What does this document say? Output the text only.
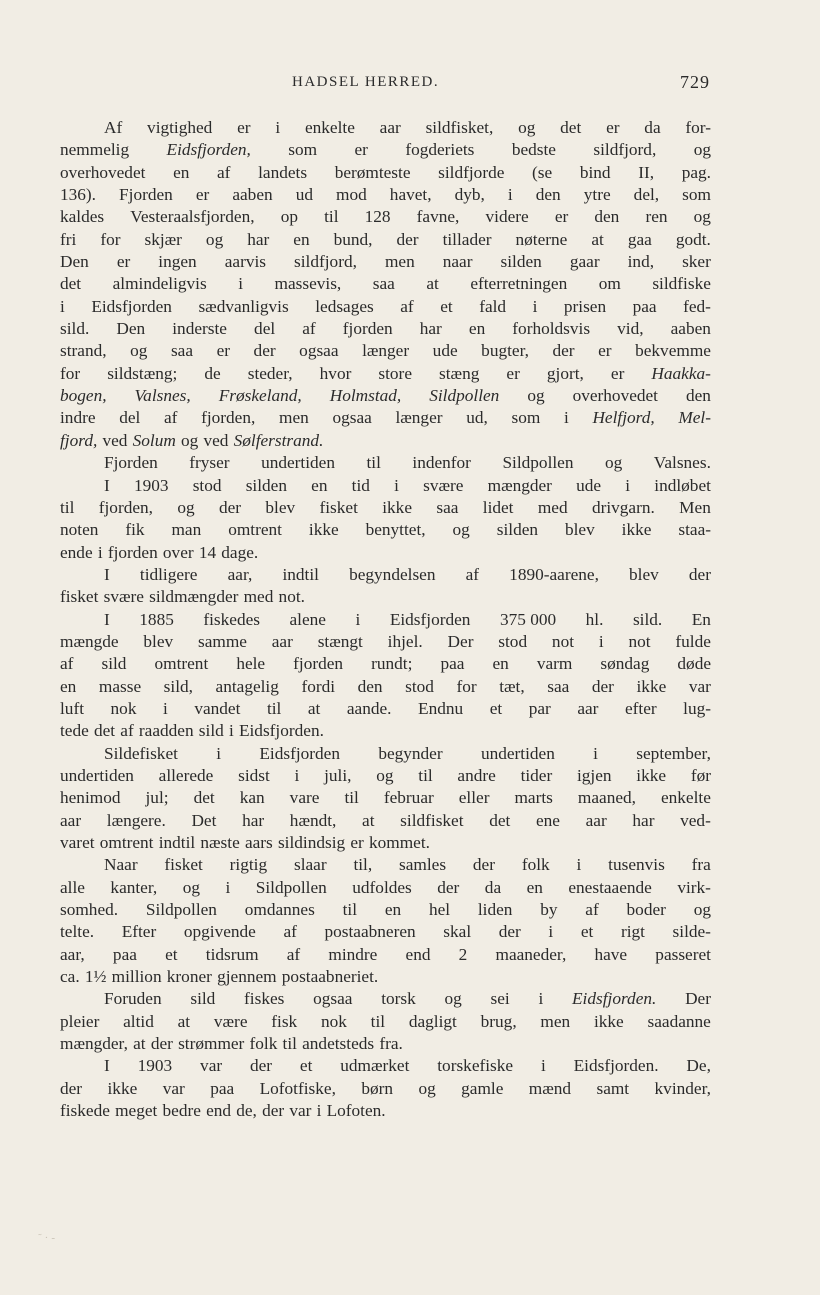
HADSEL HERRED.	729
Af vigtighed er i enkelte aar sildfisket, og det er da for-
nemmelig Eidsfjorden, som er fogderiets bedste sildfjord, og
overhovedet en af landets berømteste sildfjorde (se bind II, pag.
136). Fjorden er aaben ud mod havet, dyb, i den ytre del, som
kaldes Vesteraalsfjorden, op til 128 favne, videre er den ren og
fri for skjær og har en bund, der tillader nøterne at gaa godt.
Den er ingen aarvis sildfjord, men naar silden gaar ind, sker
det almindeligvis i massevis, saa at efterretningen om sildfiske
i Eidsfjorden sædvanligvis ledsages af et fald i prisen paa fed-
sild. Den inderste del af fjorden har en forholdsvis vid, aaben
strand, og saa er der ogsaa længer ude bugter, der er bekvemme
for sildstæng; de steder, hvor store stæng er gjort, er Haakka-
bogen, Valsnes, Frøskeland, Holmstad, Sildpollen og overhovedet den
indre del af fjorden, men ogsaa længer ud, som i Helfjord, Mel-
fjord, ved Solum og ved Sølferstrand.
Fjorden fryser undertiden til indenfor Sildpollen og Valsnes.
I 1903 stod silden en tid i svære mængder ude i indløbet
til fjorden, og der blev fisket ikke saa lidet med drivgarn. Men
noten fik man omtrent ikke benyttet, og silden blev ikke staa-
ende i fjorden over 14 dage.
I tidligere aar, indtil begyndelsen af 1890-aarene, blev der
fisket svære sildmængder med not.
I 1885 fiskedes alene i Eidsfjorden 375 000 hl. sild. En
mængde blev samme aar stængt ihjel. Der stod not i not fulde
af sild omtrent hele fjorden rundt; paa en varm søndag døde
en masse sild, antagelig fordi den stod for tæt, saa der ikke var
luft nok i vandet til at aande. Endnu et par aar efter lug-
tede det af raadden sild i Eidsfjorden.
Sildefisket i Eidsfjorden begynder undertiden i september,
undertiden allerede sidst i juli, og til andre tider igjen ikke før
henimod jul; det kan vare til februar eller marts maaned, enkelte
aar længere. Det har hændt, at sildfisket det ene aar har ved-
varet omtrent indtil næste aars sildindsig er kommet.
Naar fisket rigtig slaar til, samles der folk i tusenvis fra
alle kanter, og i Sildpollen udfoldes der da en enestaaende virk-
somhed. Sildpollen omdannes til en hel liden by af boder og
telte. Efter opgivende af postaabneren skal der i et rigt silde-
aar, paa et tidsrum af mindre end 2 maaneder, have passeret
ca. 1½ million kroner gjennem postaabneriet.
Foruden sild fiskes ogsaa torsk og sei i Eidsfjorden. Der
pleier altid at være fisk nok til dagligt brug, men ikke saadanne
mængder, at der strømmer folk til andetsteds fra.
I 1903 var der et udmærket torskefiske i Eidsfjorden. De,
der ikke var paa Lofotfiske, børn og gamle mænd samt kvinder,
fiskede meget bedre end de, der var i Lofoten.
˜·‑
